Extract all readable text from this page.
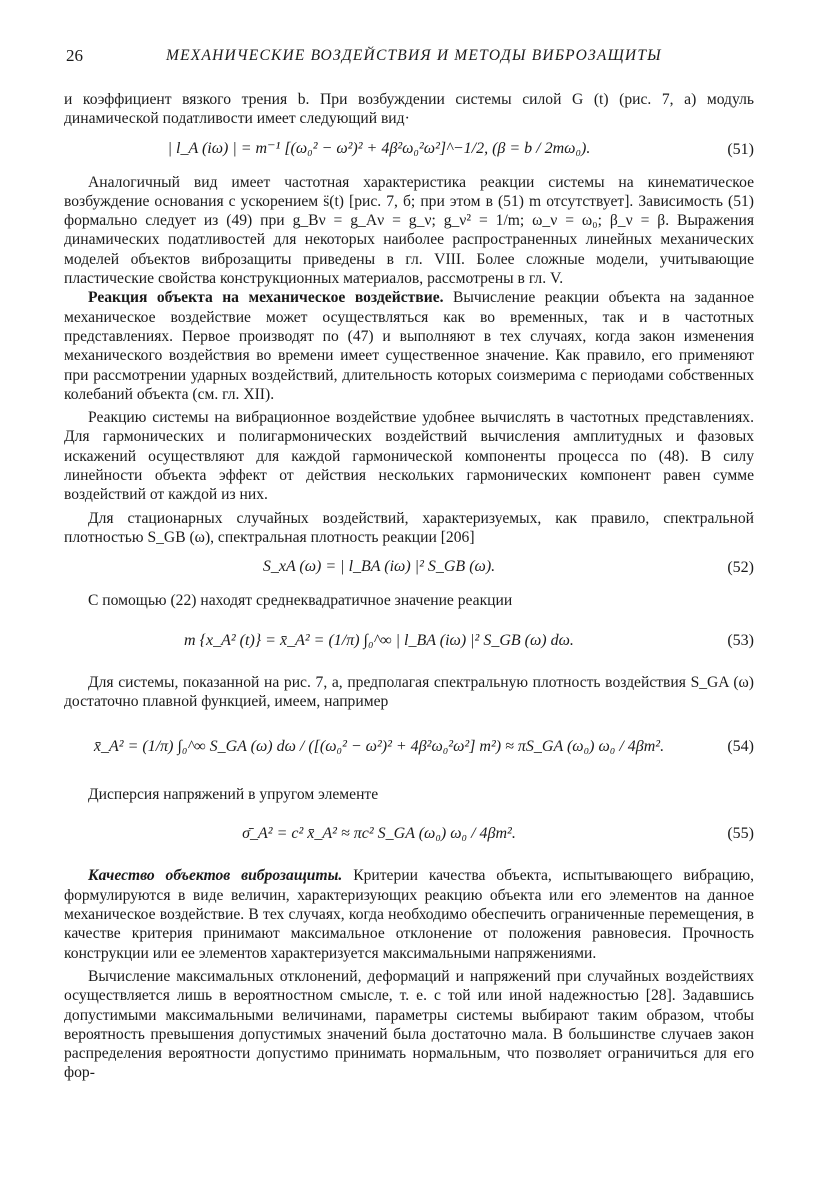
26	МЕХАНИЧЕСКИЕ ВОЗДЕЙСТВИЯ И МЕТОДЫ ВИБРОЗАЩИТЫ

и коэффициент вязкого трения b. При возбуждении системы силой G (t) (рис. 7, а) модуль динамической податливости имеет следующий вид·

| l_A (iω) | = m⁻¹ [(ω₀² − ω²)² + 4β²ω₀²ω²]^−1/2, (β = b / 2mω₀).	(51)

Аналогичный вид имеет частотная характеристика реакции системы на кинематическое возбуждение основания с ускорением s̈(t) [рис. 7, б; при этом в (51) m отсутствует]. Зависимость (51) формально следует из (49) при g_Bν = g_Aν = g_ν; g_ν² = 1/m; ω_ν = ω₀; β_ν = β. Выражения динамических податливостей для некоторых наиболее распространенных линейных механических моделей объектов виброзащиты приведены в гл. VIII. Более сложные модели, учитывающие пластические свойства конструкционных материалов, рассмотрены в гл. V.

Реакция объекта на механическое воздействие. Вычисление реакции объекта на заданное механическое воздействие может осуществляться как во временных, так и в частотных представлениях. Первое производят по (47) и выполняют в тех случаях, когда закон изменения механического воздействия во времени имеет существенное значение. Как правило, его применяют при рассмотрении ударных воздействий, длительность которых соизмерима с периодами собственных колебаний объекта (см. гл. XII).

Реакцию системы на вибрационное воздействие удобнее вычислять в частотных представлениях. Для гармонических и полигармонических воздействий вычисления амплитудных и фазовых искажений осуществляют для каждой гармонической компоненты процесса по (48). В силу линейности объекта эффект от действия нескольких гармонических компонент равен сумме воздействий от каждой из них.

Для стационарных случайных воздействий, характеризуемых, как правило, спектральной плотностью S_GB (ω), спектральная плотность реакции [206]

S_xA (ω) = | l_BA (iω) |² S_GB (ω).	(52)

С помощью (22) находят среднеквадратичное значение реакции

m {x_A² (t)} = x̄_A² = (1/π) ∫₀^∞ | l_BA (iω) |² S_GB (ω) dω.	(53)

Для системы, показанной на рис. 7, а, предполагая спектральную плотность воздействия S_GA (ω) достаточно плавной функцией, имеем, например

x̄_A² = (1/π) ∫₀^∞ S_GA (ω) dω / ([(ω₀² − ω²)² + 4β²ω₀²ω²] m²) ≈ πS_GA (ω₀) ω₀ / 4βm².	(54)

Дисперсия напряжений в упругом элементе

σ̄_A² = c² x̄_A² ≈ πc² S_GA (ω₀) ω₀ / 4βm².	(55)

Качество объектов виброзащиты. Критерии качества объекта, испытывающего вибрацию, формулируются в виде величин, характеризующих реакцию объекта или его элементов на данное механическое воздействие. В тех случаях, когда необходимо обеспечить ограниченные перемещения, в качестве критерия принимают максимальное отклонение от положения равновесия. Прочность конструкции или ее элементов характеризуется максимальными напряжениями.

Вычисление максимальных отклонений, деформаций и напряжений при случайных воздействиях осуществляется лишь в вероятностном смысле, т. е. с той или иной надежностью [28]. Задавшись допустимыми максимальными величинами, параметры системы выбирают таким образом, чтобы вероятность превышения допустимых значений была достаточно мала. В большинстве случаев закон распределения вероятности допустимо принимать нормальным, что позволяет ограничиться для его фор-
